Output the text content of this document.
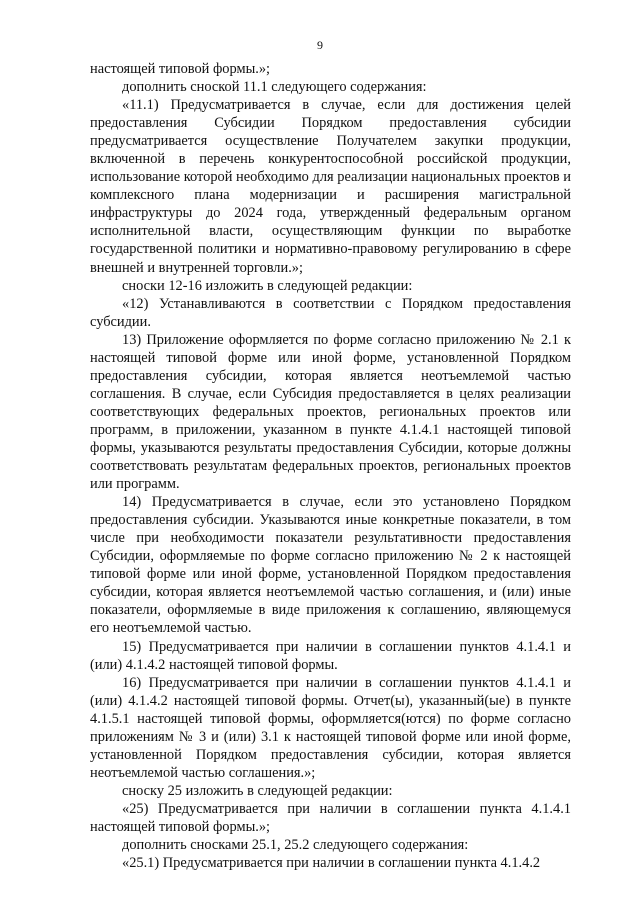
9

настоящей типовой формы.»;

дополнить сноской 11.1 следующего содержания:

«11.1) Предусматривается в случае, если для достижения целей предоставления Субсидии Порядком предоставления субсидии предусматривается осуществление Получателем закупки продукции, включенной в перечень конкурентоспособной российской продукции, использование которой необходимо для реализации национальных проектов и комплексного плана модернизации и расширения магистральной инфраструктуры до 2024 года, утвержденный федеральным органом исполнительной власти, осуществляющим функции по выработке государственной политики и нормативно-правовому регулированию в сфере внешней и внутренней торговли.»;

сноски 12-16 изложить в следующей редакции:

«12) Устанавливаются в соответствии с Порядком предоставления субсидии.

13) Приложение оформляется по форме согласно приложению № 2.1 к настоящей типовой форме или иной форме, установленной Порядком предоставления субсидии, которая является неотъемлемой частью соглашения. В случае, если Субсидия предоставляется в целях реализации соответствующих федеральных проектов, региональных проектов или программ, в приложении, указанном в пункте 4.1.4.1 настоящей типовой формы, указываются результаты предоставления Субсидии, которые должны соответствовать результатам федеральных проектов, региональных проектов или программ.

14) Предусматривается в случае, если это установлено Порядком предоставления субсидии. Указываются иные конкретные показатели, в том числе при необходимости показатели результативности предоставления Субсидии, оформляемые по форме согласно приложению № 2 к настоящей типовой форме или иной форме, установленной Порядком предоставления субсидии, которая является неотъемлемой частью соглашения, и (или) иные показатели, оформляемые в виде приложения к соглашению, являющемуся его неотъемлемой частью.

15) Предусматривается при наличии в соглашении пунктов 4.1.4.1 и (или) 4.1.4.2 настоящей типовой формы.

16) Предусматривается при наличии в соглашении пунктов 4.1.4.1 и (или) 4.1.4.2 настоящей типовой формы. Отчет(ы), указанный(ые) в пункте 4.1.5.1 настоящей типовой формы, оформляется(ются) по форме согласно приложениям № 3 и (или) 3.1 к настоящей типовой форме или иной форме, установленной Порядком предоставления субсидии, которая является неотъемлемой частью соглашения.»;

сноску 25 изложить в следующей редакции:

«25) Предусматривается при наличии в соглашении пункта 4.1.4.1 настоящей типовой формы.»;

дополнить сносками 25.1, 25.2 следующего содержания:

«25.1) Предусматривается при наличии в соглашении пункта 4.1.4.2
